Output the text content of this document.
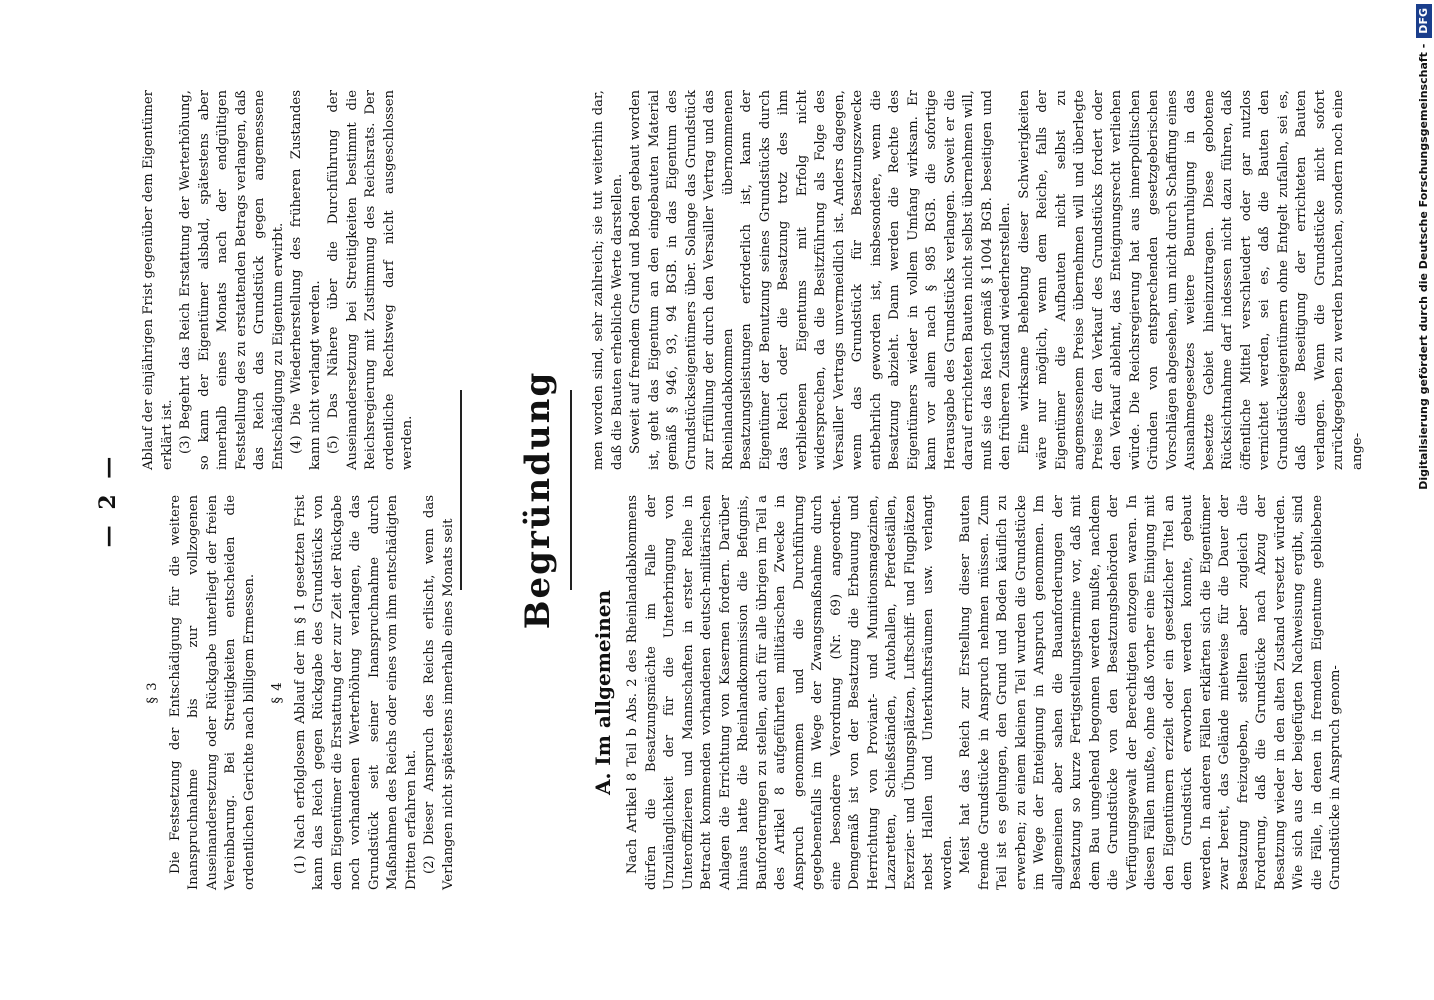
— 2 —

§ 3 Die Festsetzung der Entschädigung für die weitere Inanspruchnahme bis zur vollzogenen Auseinandersetzung oder Rückgabe unterliegt der freien Vereinbarung. Bei Streitigkeiten entscheiden die ordentlichen Gerichte nach billigem Ermessen. § 4 (1) Nach erfolglosem Ablauf der im § 1 gesetzten Frist kann das Reich gegen Rückgabe des Grundstücks von dem Eigentümer die Erstattung der zur Zeit der Rückgabe noch vorhandenen Werterhöhung verlangen, die das Grundstück seit seiner Inanspruchnahme durch Maßnahmen des Reichs oder eines vom ihm entschädigten Dritten erfahren hat. (2) Dieser Anspruch des Reichs erlischt, wenn das Verlangen nicht spätestens innerhalb eines Monats seit

Ablauf der einjährigen Frist gegenüber dem Eigentümer erklärt ist. (3) Begehrt das Reich Erstattung der Werterhöhung, so kann der Eigentümer alsbald, spätestens aber innerhalb eines Monats nach der endgültigen Feststellung des zu erstattenden Betrags verlangen, daß das Reich das Grundstück gegen angemessene Entschädigung zu Eigentum erwirbt. (4) Die Wiederherstellung des früheren Zustandes kann nicht verlangt werden. (5) Das Nähere über die Durchführung der Auseinandersetzung bei Streitigkeiten bestimmt die Reichsregierung mit Zustimmung des Reichsrats. Der ordentliche Rechtsweg darf nicht ausgeschlossen werden.	Begründung

A. Im allgemeinen Nach Artikel 8 Teil b Abs. 2 des Rheinlandabkommens dürfen die Besatzungsmächte im Falle der Unzulänglichkeit der für die Unterbringung von Unteroffizieren und Mannschaften in erster Reihe in Betracht kommenden vorhandenen deutsch-militärischen Anlagen die Errichtung von Kasernen fordern. Darüber hinaus hatte die Rheinlandkommission die Befugnis, Bauforderungen zu stellen, auch für alle übrigen im Teil a des Artikel 8 aufgeführten militärischen Zwecke in Anspruch genommen und die Durchführung gegebenenfalls im Wege der Zwangsmaßnahme durch eine besondere Verordnung (Nr. 69) angeordnet. Demgemäß ist von der Besatzung die Erbauung und Herrichtung von Proviant- und Munitionsmagazinen, Lazaretten, Schießständen, Autohallen, Pferdeställen, Exerzier- und Übungsplätzen, Luftschiff- und Flugplätzen nebst Hallen und Unterkunftsräumen usw. verlangt worden. Meist hat das Reich zur Erstellung dieser Bauten fremde Grundstücke in Anspruch nehmen müssen. Zum Teil ist es gelungen, den Grund und Boden käuflich zu erwerben; zu einem kleinen Teil wurden die Grundstücke im Wege der Enteignung in Anspruch genommen. Im allgemeinen aber sahen die Bauanforderungen der Besatzung so kurze Fertigstellungstermine vor, daß mit dem Bau umgehend begonnen werden mußte, nachdem die Grundstücke von den Besatzungsbehörden der Verfügungsgewalt der Berechtigten entzogen waren. In diesen Fällen mußte, ohne daß vorher eine Einigung mit den Eigentümern erzielt oder ein gesetzlicher Titel an dem Grundstück erworben werden konnte, gebaut werden. In anderen Fällen erklärten sich die Eigentümer zwar bereit, das Gelände mietweise für die Dauer der Besatzung freizugeben, stellten aber zugleich die Forderung, daß die Grundstücke nach Abzug der Besatzung wieder in den alten Zustand versetzt würden. Wie sich aus der beigefügten Nachweisung ergibt, sind die Fälle, in denen in fremdem Eigentume gebliebene Grundstücke in Anspruch genom-

men worden sind, sehr zahlreich; sie tut weiterhin dar, daß die Bauten erhebliche Werte darstellen. Soweit auf fremdem Grund und Boden gebaut worden ist, geht das Eigentum an den eingebauten Material gemäß § 946, 93, 94 BGB. in das Eigentum des Grundstückseigentümers über. Solange das Grundstück zur Erfüllung der durch den Versailler Vertrag und das Rheinlandabkommen übernommenen Besatzungsleistungen erforderlich ist, kann der Eigentümer der Benutzung seines Grundstücks durch das Reich oder die Besatzung trotz des ihm verbliebenen Eigentums mit Erfolg nicht widersprechen, da die Besitzführung als Folge des Versailler Vertrags unvermeidlich ist. Anders dagegen, wenn das Grundstück für Besatzungszwecke entbehrlich geworden ist, insbesondere, wenn die Besatzung abzieht. Dann werden die Rechte des Eigentümers wieder in vollem Umfang wirksam. Er kann vor allem nach § 985 BGB. die sofortige Herausgabe des Grundstücks verlangen. Soweit er die darauf errichteten Bauten nicht selbst übernehmen will, muß sie das Reich gemäß § 1004 BGB. beseitigen und den früheren Zustand wiederherstellen. Eine wirksame Behebung dieser Schwierigkeiten wäre nur möglich, wenn dem Reiche, falls der Eigentümer die Aufbauten nicht selbst zu angemessenem Preise übernehmen will und überlegte Preise für den Verkauf des Grundstücks fordert oder den Verkauf ablehnt, das Enteignungsrecht verliehen würde. Die Reichsregierung hat aus innerpolitischen Gründen von entsprechenden gesetzgeberischen Vorschlägen abgesehen, um nicht durch Schaffung eines Ausnahmegesetzes weitere Beunruhigung in das besetzte Gebiet hineinzutragen. Diese gebotene Rücksichtnahme darf indessen nicht dazu führen, daß öffentliche Mittel verschleudert oder gar nutzlos vernichtet werden, sei es, daß die Bauten den Grundstückseigentümern ohne Entgelt zufallen, sei es, daß diese Beseitigung der errichteten Bauten verlangen. Wenn die Grundstücke nicht sofort zurückgegeben zu werden brauchen, sondern noch eine ange-	Digitalisierung gefördert durch die Deutsche Forschungsgemeinschaft -
DFG
